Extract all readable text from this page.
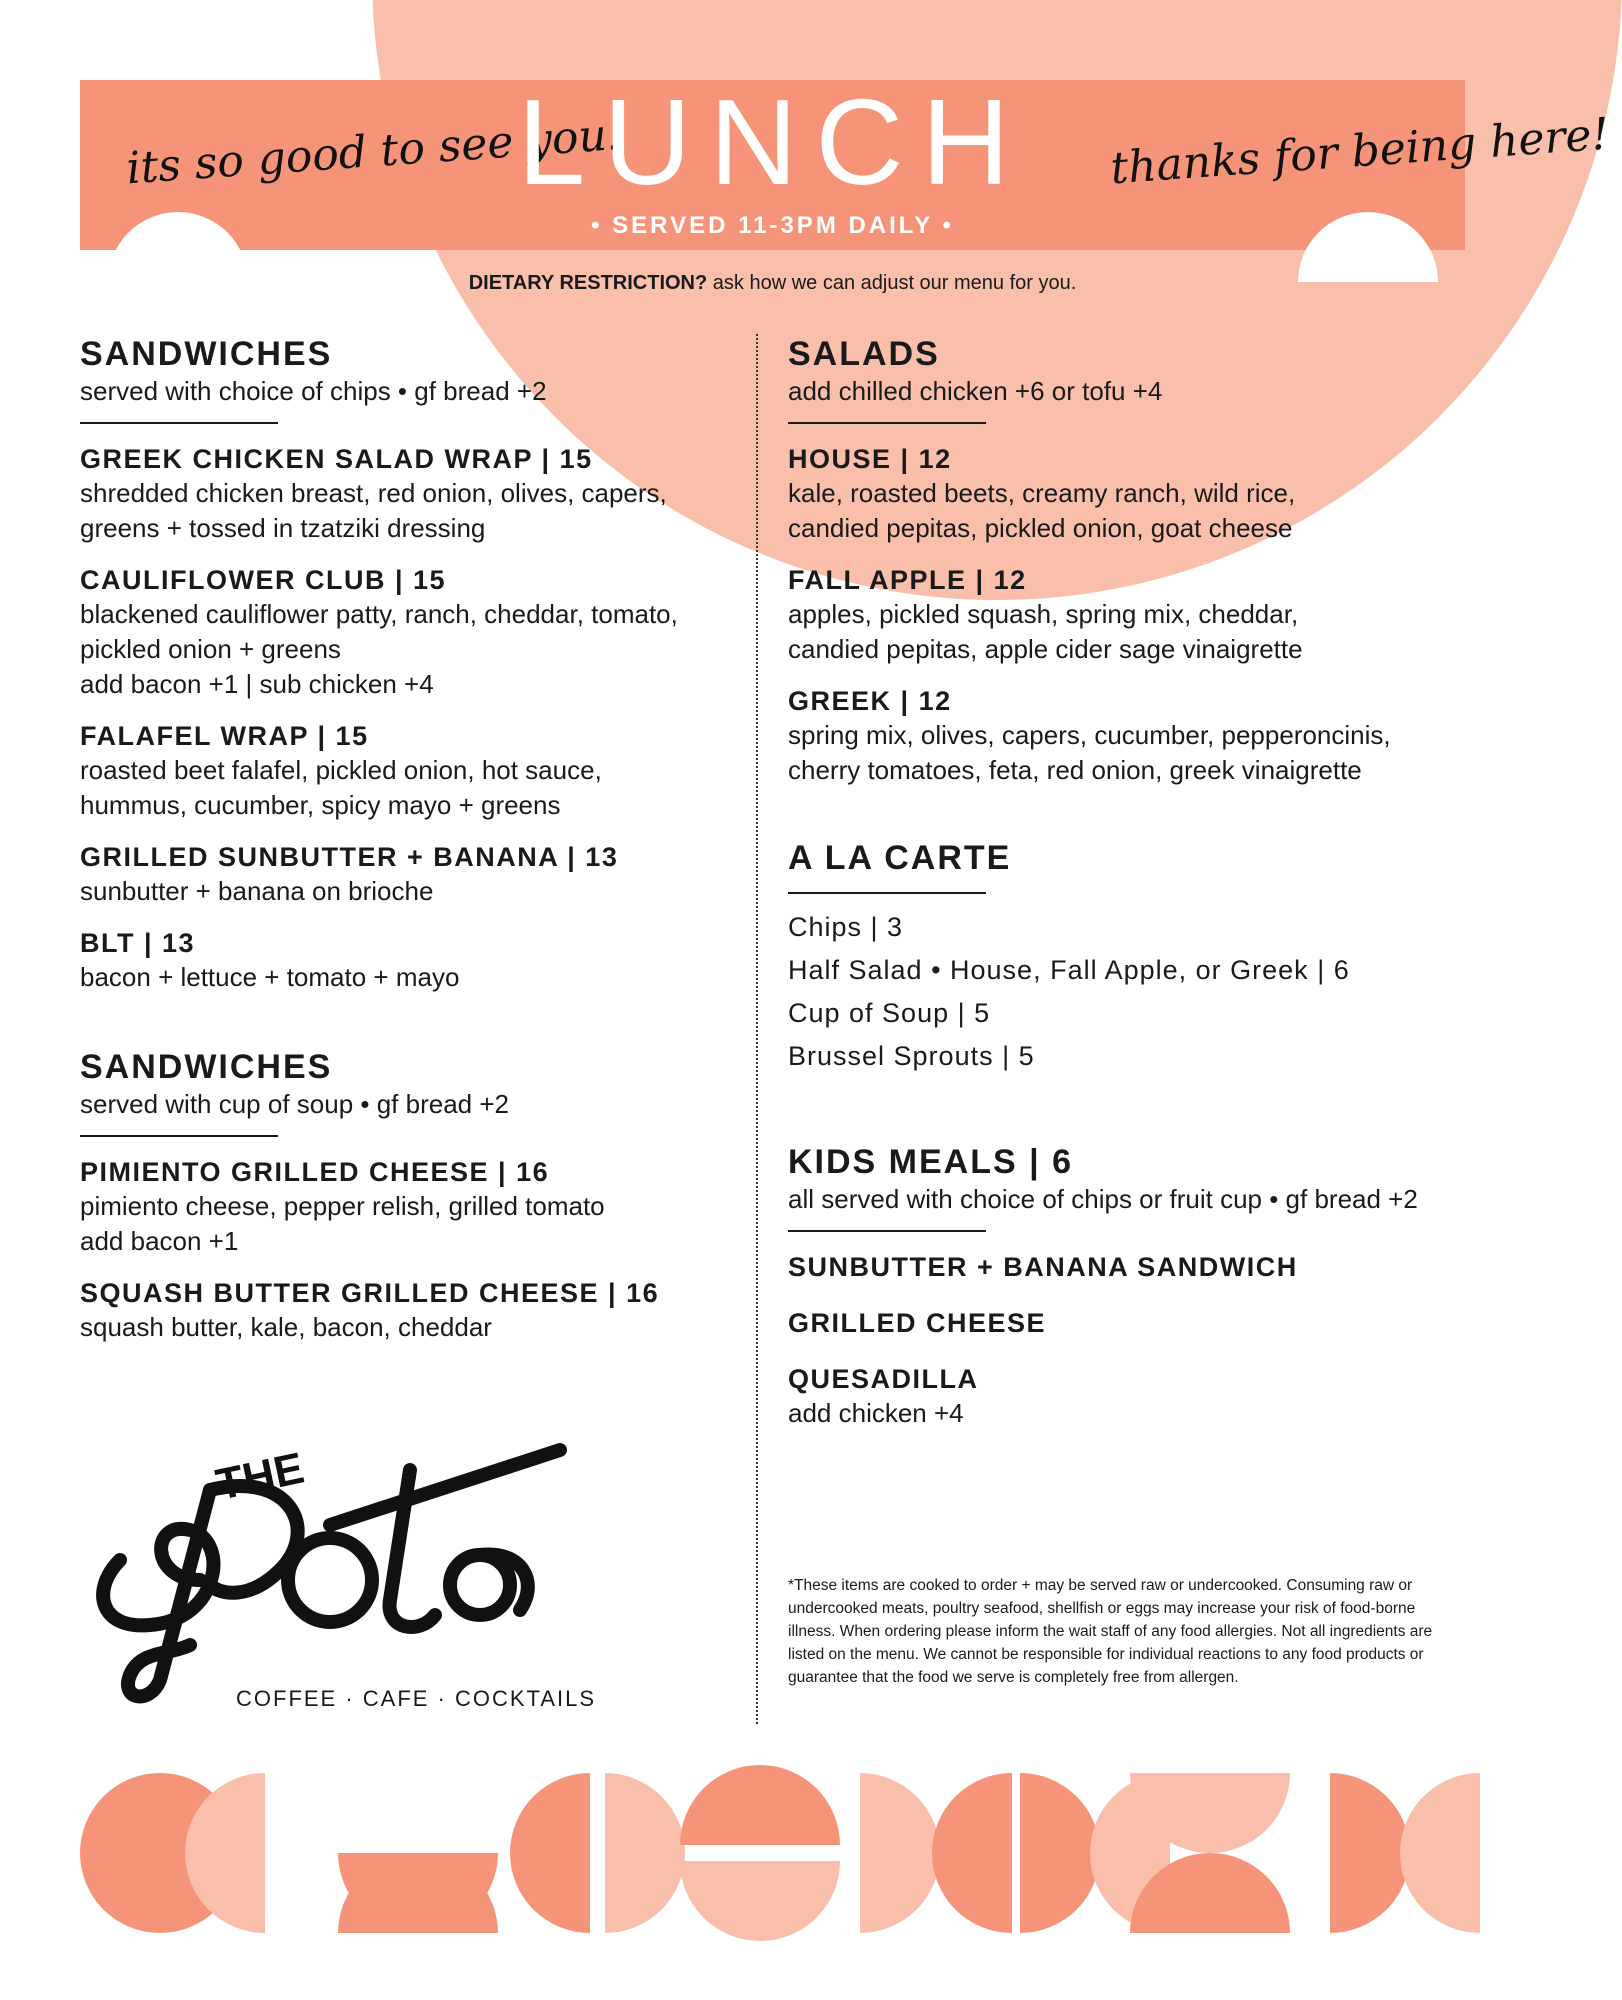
its so good to see you!	thanks for being here!
LUNCH
• SERVED 11-3PM DAILY •
DIETARY RESTRICTION? ask how we can adjust our menu for you.
SANDWICHES
served with choice of chips • gf bread +2
GREEK CHICKEN SALAD WRAP | 15
shredded chicken breast, red onion, olives, capers,
greens + tossed in tzatziki dressing
CAULIFLOWER CLUB | 15
blackened cauliflower patty, ranch, cheddar, tomato,
pickled onion + greens
add bacon +1 | sub chicken +4
FALAFEL WRAP | 15
roasted beet falafel, pickled onion, hot sauce,
hummus, cucumber, spicy mayo + greens
GRILLED SUNBUTTER + BANANA | 13
sunbutter + banana on brioche
BLT | 13
bacon + lettuce + tomato + mayo
SANDWICHES
served with cup of soup • gf bread +2
PIMIENTO GRILLED CHEESE | 16
pimiento cheese, pepper relish, grilled tomato
add bacon +1
SQUASH BUTTER GRILLED CHEESE | 16
squash butter, kale, bacon, cheddar
SALADS
add chilled chicken +6 or tofu +4
HOUSE | 12
kale, roasted beets, creamy ranch, wild rice,
candied pepitas, pickled onion, goat cheese
FALL APPLE | 12
apples, pickled squash, spring mix, cheddar,
candied pepitas, apple cider sage vinaigrette
GREEK | 12
spring mix, olives, capers, cucumber, pepperoncinis,
cherry tomatoes, feta, red onion, greek vinaigrette
A LA CARTE
Chips | 3
Half Salad • House, Fall Apple, or Greek | 6
Cup of Soup | 5
Brussel Sprouts | 5
KIDS MEALS | 6
all served with choice of chips or fruit cup • gf bread +2
SUNBUTTER + BANANA SANDWICH
GRILLED CHEESE
QUESADILLA
add chicken +4
*These items are cooked to order + may be served raw or undercooked. Consuming raw or undercooked meats, poultry seafood, shellfish or eggs may increase your risk of food-borne illness. When ordering please inform the wait staff of any food allergies. Not all ingredients are listed on the menu. We cannot be responsible for individual reactions to any food products or guarantee that the food we serve is completely free from allergen.
THE
COFFEE · CAFE · COCKTAILS
